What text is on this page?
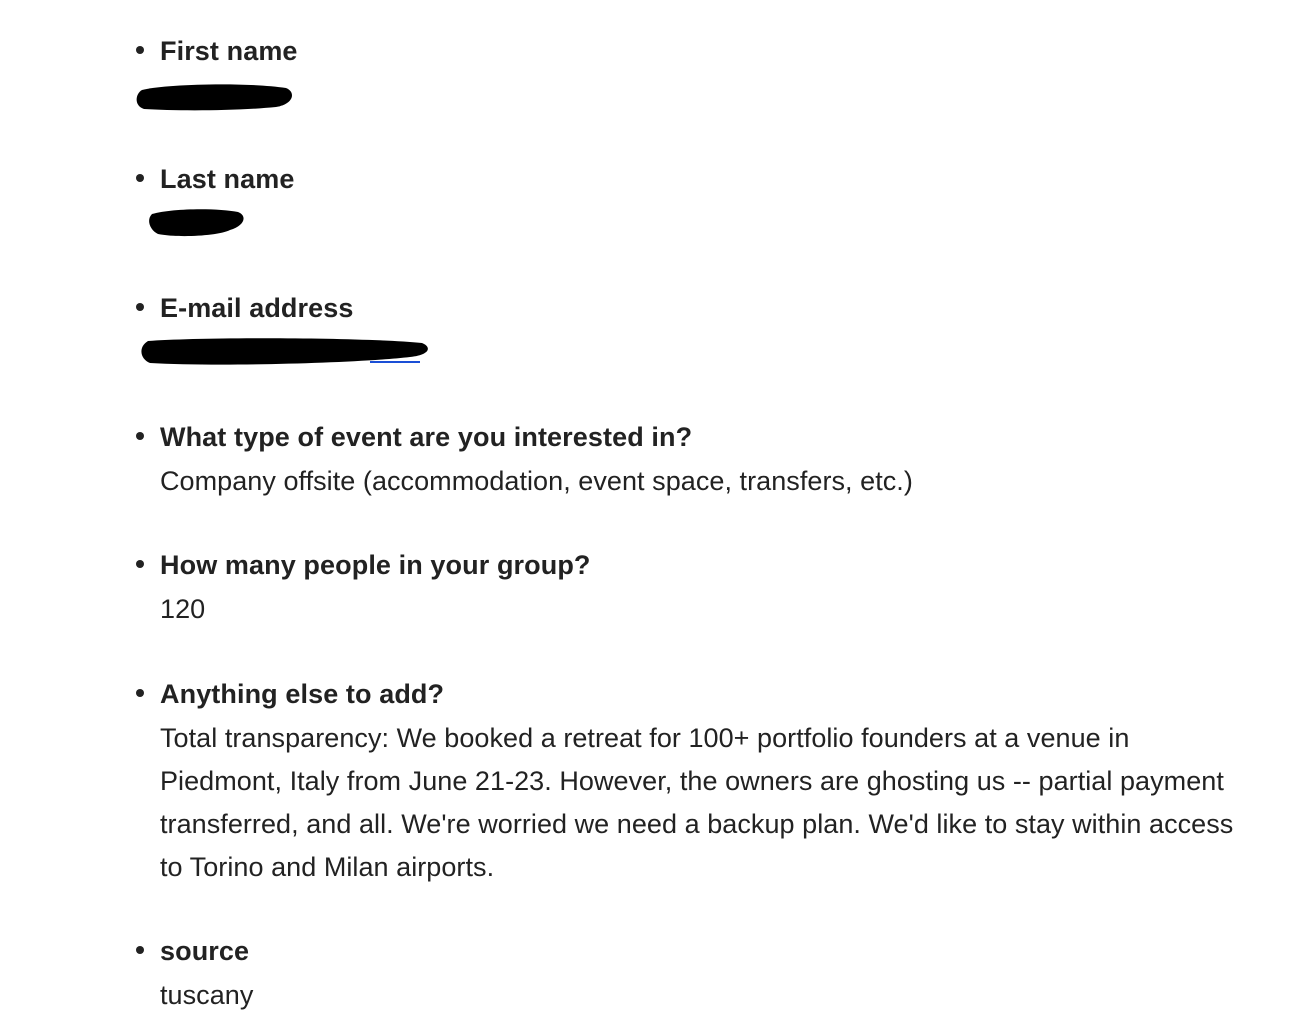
First name
Last name
E-mail address
What type of event are you interested in?
Company offsite (accommodation, event space, transfers, etc.)
How many people in your group?
120
Anything else to add?
Total transparency: We booked a retreat for 100+ portfolio founders at a venue in Piedmont, Italy from June 21-23. However, the owners are ghosting us -- partial payment transferred, and all. We're worried we need a backup plan. We'd like to stay within access to Torino and Milan airports.
source
tuscany
